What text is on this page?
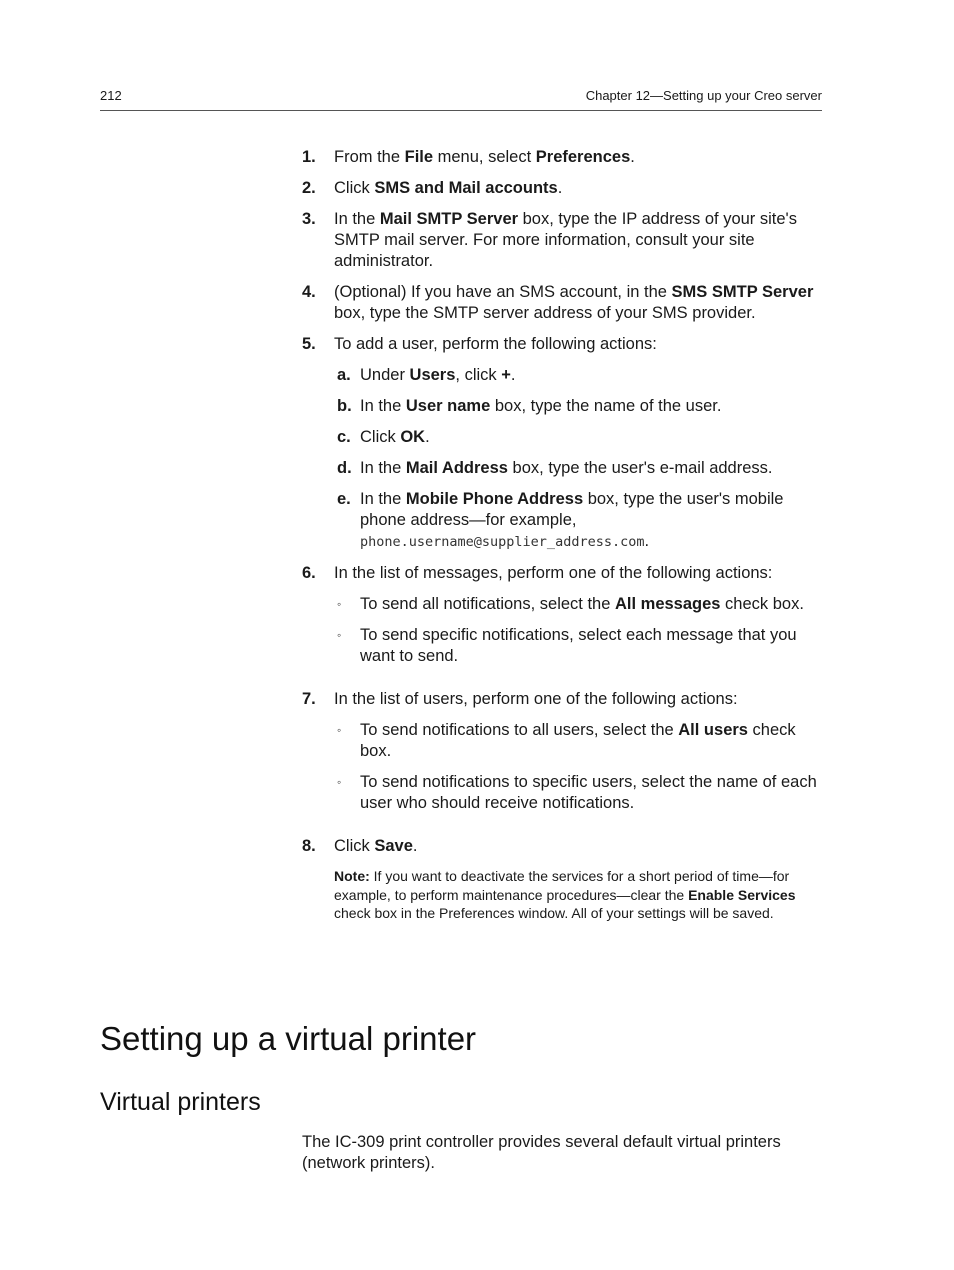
212	Chapter 12—Setting up your Creo server
1. From the File menu, select Preferences.
2. Click SMS and Mail accounts.
3. In the Mail SMTP Server box, type the IP address of your site's SMTP mail server. For more information, consult your site administrator.
4. (Optional) If you have an SMS account, in the SMS SMTP Server box, type the SMTP server address of your SMS provider.
5. To add a user, perform the following actions:
a. Under Users, click +.
b. In the User name box, type the name of the user.
c. Click OK.
d. In the Mail Address box, type the user's e-mail address.
e. In the Mobile Phone Address box, type the user's mobile phone address—for example,
phone.username@supplier_address.com.
6. In the list of messages, perform one of the following actions:
◦ To send all notifications, select the All messages check box.
◦ To send specific notifications, select each message that you want to send.
7. In the list of users, perform one of the following actions:
◦ To send notifications to all users, select the All users check box.
◦ To send notifications to specific users, select the name of each user who should receive notifications.
8. Click Save.

Note: If you want to deactivate the services for a short period of time—for example, to perform maintenance procedures—clear the Enable Services check box in the Preferences window. All of your settings will be saved.

Setting up a virtual printer
Virtual printers

The IC-309 print controller provides several default virtual printers (network printers).
